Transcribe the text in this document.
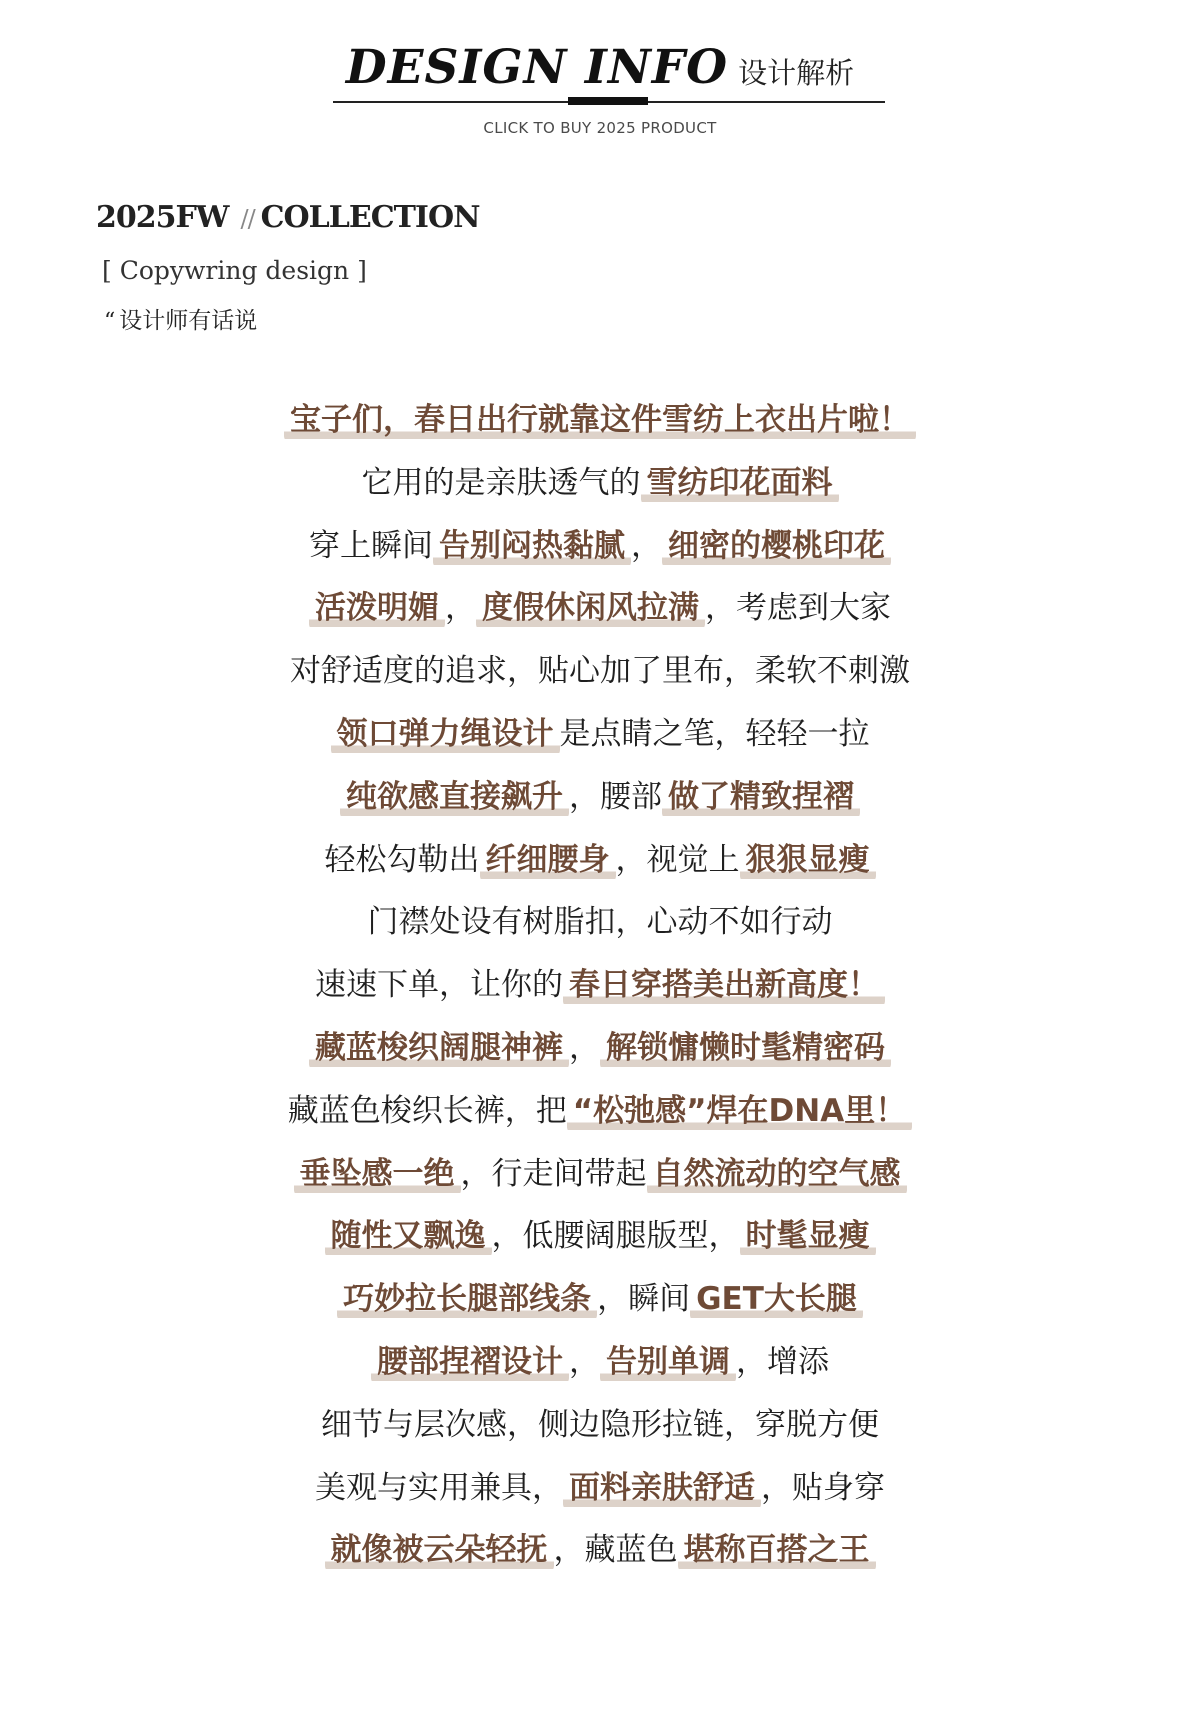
DESIGN INFO 设计解析
CLICK TO BUY 2025 PRODUCT
2025FW // COLLECTION
[ Copywring design ]
“ 设计师有话说
宝子们，春日出行就靠这件雪纺上衣出片啦！
它用的是亲肤透气的 雪纺印花面料
穿上瞬间 告别闷热黏腻 ， 细密的樱桃印花
活泼明媚 ， 度假休闲风拉满 ，考虑到大家
对舒适度的追求，贴心加了里布，柔软不刺激
领口弹力绳设计 是点睛之笔，轻轻一拉
纯欲感直接飙升 ，腰部 做了精致捏褶
轻松勾勒出 纤细腰身 ，视觉上 狠狠显瘦
门襟处设有树脂扣，心动不如行动
速速下单，让你的 春日穿搭美出新高度！
藏蓝梭织阔腿神裤 ， 解锁慵懒时髦精密码
藏蓝色梭织长裤，把 “松弛感”焊在DNA里！
垂坠感一绝 ，行走间带起 自然流动的空气感
随性又飘逸 ，低腰阔腿版型， 时髦显瘦
巧妙拉长腿部线条 ，瞬间 GET大长腿
腰部捏褶设计 ， 告别单调 ，增添
细节与层次感，侧边隐形拉链，穿脱方便
美观与实用兼具， 面料亲肤舒适 ，贴身穿
就像被云朵轻抚 ，藏蓝色 堪称百搭之王
